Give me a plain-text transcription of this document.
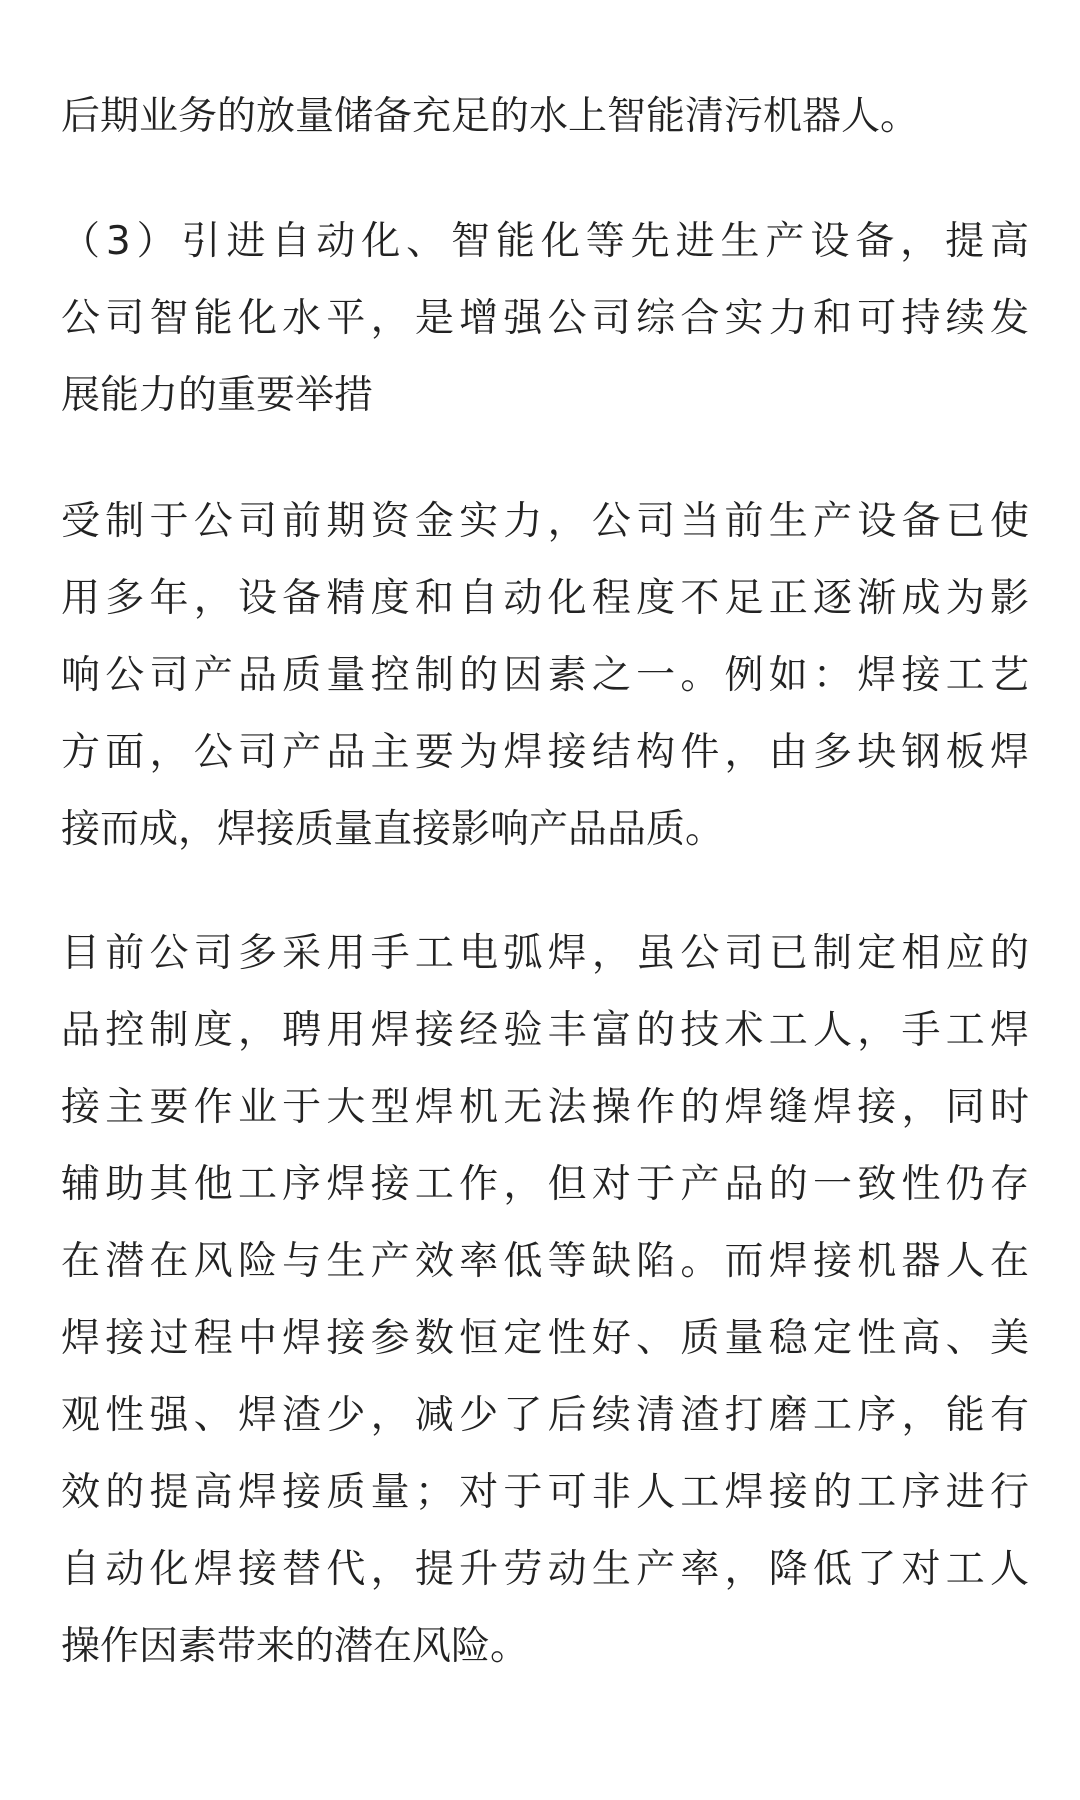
后期业务的放量储备充足的水上智能清污机器人。
（3）引进自动化、智能化等先进生产设备，提高
公司智能化水平，是增强公司综合实力和可持续发
展能力的重要举措
受制于公司前期资金实力，公司当前生产设备已使
用多年，设备精度和自动化程度不足正逐渐成为影
响公司产品质量控制的因素之一。例如：焊接工艺
方面，公司产品主要为焊接结构件，由多块钢板焊
接而成，焊接质量直接影响产品品质。
目前公司多采用手工电弧焊，虽公司已制定相应的
品控制度，聘用焊接经验丰富的技术工人，手工焊
接主要作业于大型焊机无法操作的焊缝焊接，同时
辅助其他工序焊接工作，但对于产品的一致性仍存
在潜在风险与生产效率低等缺陷。而焊接机器人在
焊接过程中焊接参数恒定性好、质量稳定性高、美
观性强、焊渣少，减少了后续清渣打磨工序，能有
效的提高焊接质量；对于可非人工焊接的工序进行
自动化焊接替代，提升劳动生产率，降低了对工人
操作因素带来的潜在风险。
